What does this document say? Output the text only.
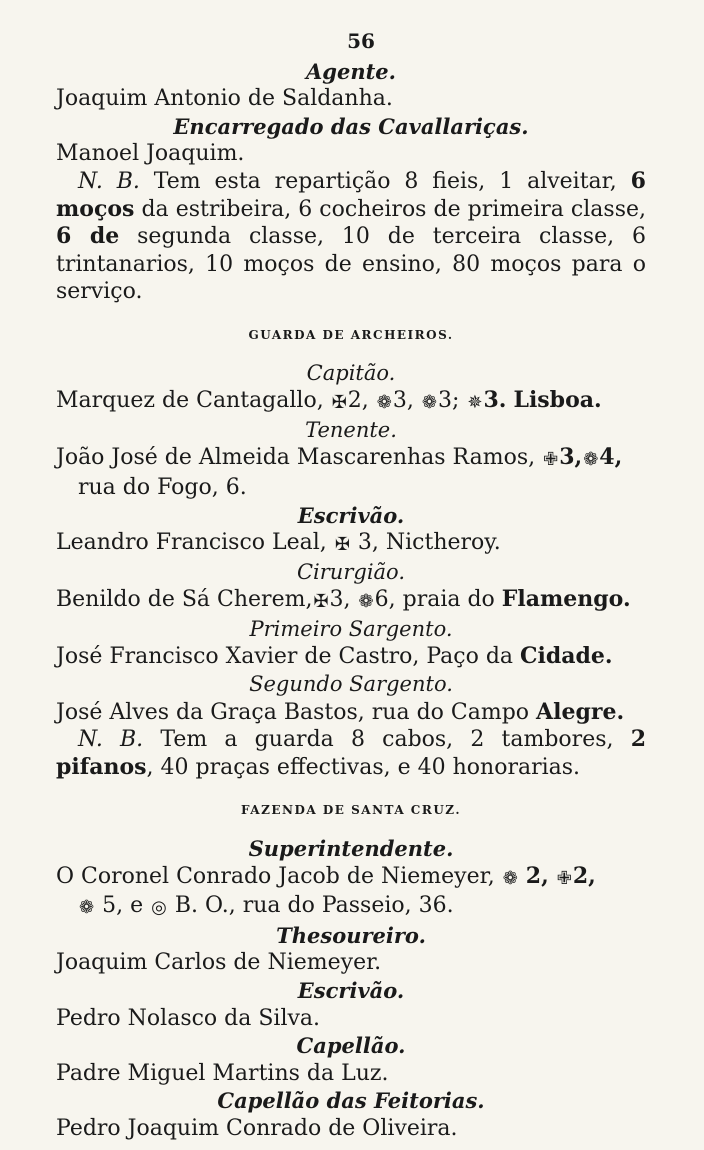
56
Agente.
Joaquim Antonio de Saldanha.
Encarregado das Cavallariças.
Manoel Joaquim.
N. B. Tem esta repartição 8 fieis, 1 alveitar, 6 moços da estribeira, 6 cocheiros de primeira classe, 6 de segunda classe, 10 de terceira classe, 6 trintanarios, 10 moços de ensino, 80 moços para o serviço.
GUARDA DE ARCHEIROS.
Capitão.
Marquez de Cantagallo, ✠2, ❁3, ❁3; ✵3. Lisboa.
Tenente.
João José de Almeida Mascarenhas Ramos, ✙3,❁4,
rua do Fogo, 6.
Escrivão.
Leandro Francisco Leal, ✠ 3, Nictheroy.
Cirurgião.
Benildo de Sá Cherem,✠3, ❁6, praia do Flamengo.
Primeiro Sargento.
José Francisco Xavier de Castro, Paço da Cidade.
Segundo Sargento.
José Alves da Graça Bastos, rua do Campo Alegre.
N. B. Tem a guarda 8 cabos, 2 tambores, 2 pifanos, 40 praças effectivas, e 40 honorarias.
FAZENDA DE SANTA CRUZ.
Superintendente.
O Coronel Conrado Jacob de Niemeyer, ❁ 2, ✙2,
❁ 5, e ◎ B. O., rua do Passeio, 36.
Thesoureiro.
Joaquim Carlos de Niemeyer.
Escrivão.
Pedro Nolasco da Silva.
Capellão.
Padre Miguel Martins da Luz.
Capellão das Feitorias.
Pedro Joaquim Conrado de Oliveira.
